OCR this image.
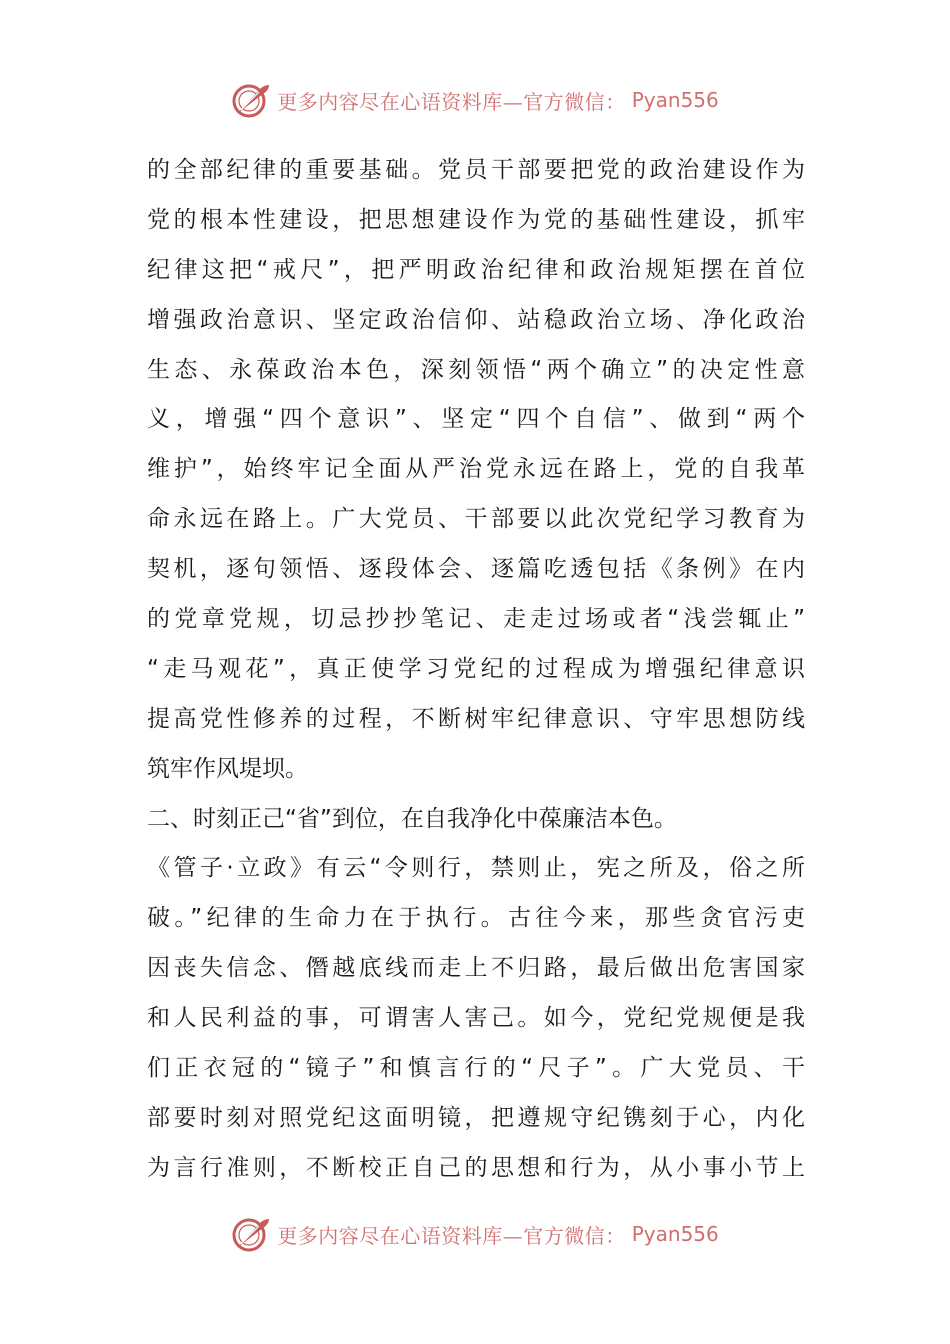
更多内容尽在心语资料库—官方微信： Pyan556
的全部纪律的重要基础。党员干部要把党的政治建设作为
党的根本性建设，把思想建设作为党的基础性建设，抓牢
纪律这把“戒尺”，把严明政治纪律和政治规矩摆在首位
增强政治意识、坚定政治信仰、站稳政治立场、净化政治
生态、永葆政治本色，深刻领悟“两个确立”的决定性意
义，增强“四个意识”、坚定“四个自信”、做到“两个
维护”，始终牢记全面从严治党永远在路上，党的自我革
命永远在路上。广大党员、干部要以此次党纪学习教育为
契机，逐句领悟、逐段体会、逐篇吃透包括《条例》在内
的党章党规，切忌抄抄笔记、走走过场或者“浅尝辄止”
“走马观花”，真正使学习党纪的过程成为增强纪律意识
提高党性修养的过程，不断树牢纪律意识、守牢思想防线
筑牢作风堤坝。
二、时刻正己“省”到位，在自我净化中葆廉洁本色。
《管子·立政》有云“令则行，禁则止，宪之所及，俗之所
破。”纪律的生命力在于执行。古往今来，那些贪官污吏
因丧失信念、僭越底线而走上不归路，最后做出危害国家
和人民利益的事，可谓害人害己。如今，党纪党规便是我
们正衣冠的“镜子”和慎言行的“尺子”。广大党员、干
部要时刻对照党纪这面明镜，把遵规守纪镌刻于心，内化
为言行准则，不断校正自己的思想和行为，从小事小节上
更多内容尽在心语资料库—官方微信： Pyan556
